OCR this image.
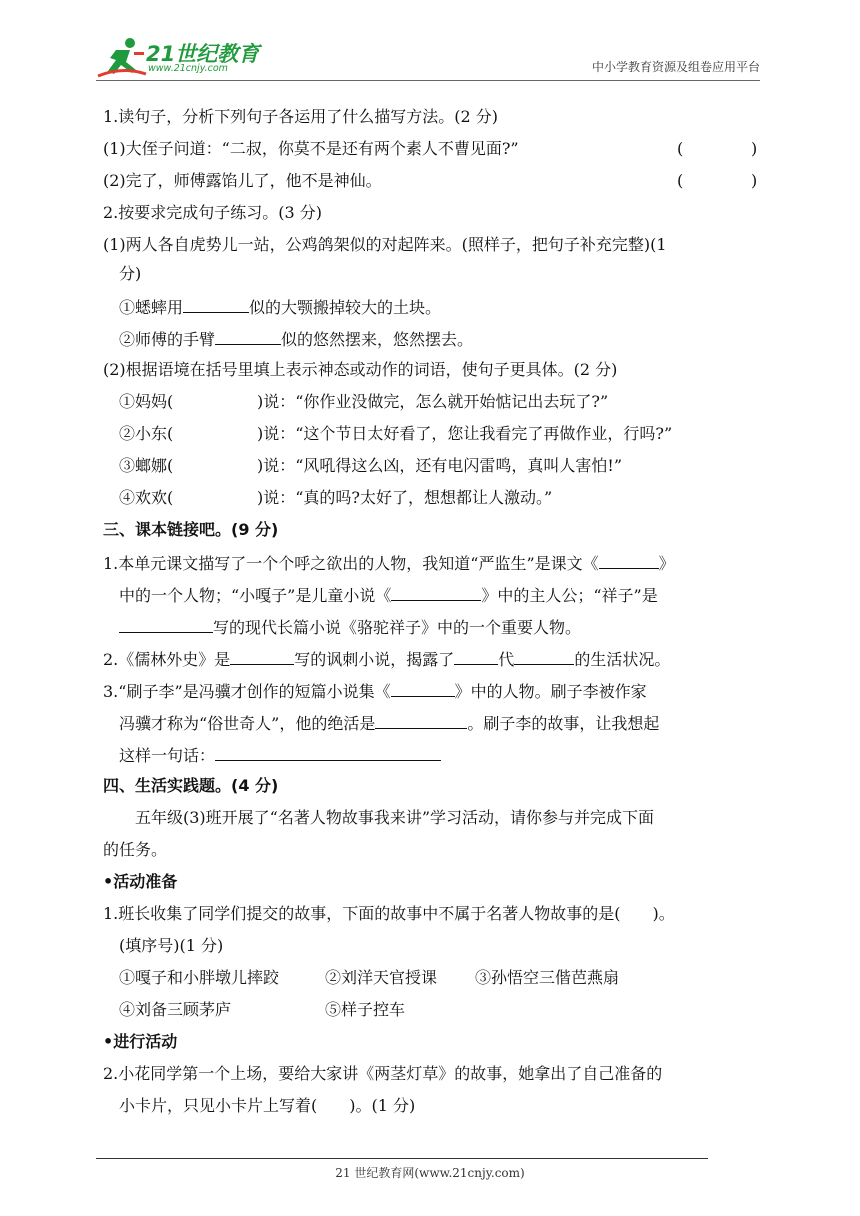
21世纪教育
www.21cnjy.com	中小学教育资源及组卷应用平台
1.读句子，分析下列句子各运用了什么描写方法。(2 分)
(1)大侄子问道：“二叔，你莫不是还有两个素人不曹见面?”	(	)
(2)完了，师傅露馅儿了，他不是神仙。	(	)
2.按要求完成句子练习。(3 分)
(1)两人各自虎势儿一站，公鸡鸽架似的对起阵来。(照样子，把句子补充完整)(1
分)
①蟋蟀用	似的大颚搬掉较大的土块。
②师傅的手臂	似的悠然摆来，悠然摆去。
(2)根据语境在括号里填上表示神态或动作的词语，使句子更具体。(2 分)
①妈妈(	)说：“你作业没做完，怎么就开始惦记出去玩了?”
②小东(	)说：“这个节日太好看了，您让我看完了再做作业，行吗?”
③螂娜(	)说：“风吼得这么凶，还有电闪雷鸣，真叫人害怕!”
④欢欢(	)说：“真的吗?太好了，想想都让人激动。”
三、课本链接吧。(9 分)
1.本单元课文描写了一个个呼之欲出的人物，我知道“严监生”是课文《	》
中的一个人物；“小嘎子”是儿童小说《	》中的主人公；“祥子”是
写的现代长篇小说《骆驼祥子》中的一个重要人物。
2.《儒林外史》是	写的讽刺小说，揭露了	代	的生活状况。
3.“刷子李”是冯骥才创作的短篇小说集《	》中的人物。刷子李被作家
冯骥才称为“俗世奇人”，他的绝活是	。刷子李的故事，让我想起
这样一句话：
四、生活实践题。(4 分)
五年级(3)班开展了“名著人物故事我来讲”学习活动，请你参与并完成下面
的任务。
•活动准备
1.班长收集了同学们提交的故事，下面的故事中不属于名著人物故事的是(　　)。
(填序号)(1 分)
①嘎子和小胖墩儿摔跤	②刘洋天官授课 ③孙悟空三偕芭燕扇
④刘备三顾茅庐	⑤样子控车
•进行活动
2.小花同学第一个上场，要给大家讲《两茎灯草》的故事，她拿出了自己准备的
小卡片，只见小卡片上写着(　　)。(1 分)
21 世纪教育网(www.21cnjy.com)
